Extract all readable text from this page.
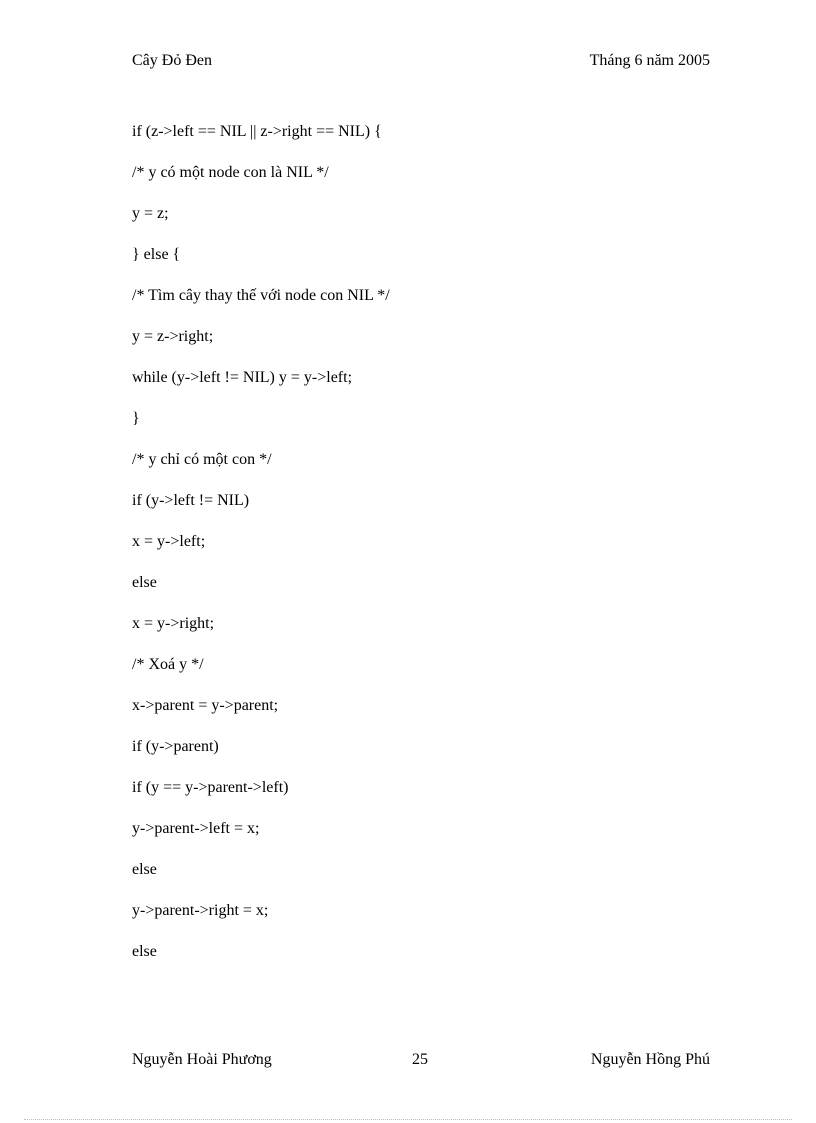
Cây Đỏ Đen	Tháng 6 năm 2005
if (z->left == NIL || z->right == NIL) {
/* y có một node con là NIL */
y = z;
} else {
/* Tìm cây thay thế với node con NIL */
y = z->right;
while (y->left != NIL) y = y->left;
}
/* y chỉ có một con */
if (y->left != NIL)
x = y->left;
else
x = y->right;
/* Xoá y */
x->parent = y->parent;
if (y->parent)
if (y == y->parent->left)
y->parent->left = x;
else
y->parent->right = x;
else
Nguyễn Hoài Phương	25	Nguyễn Hồng Phú
